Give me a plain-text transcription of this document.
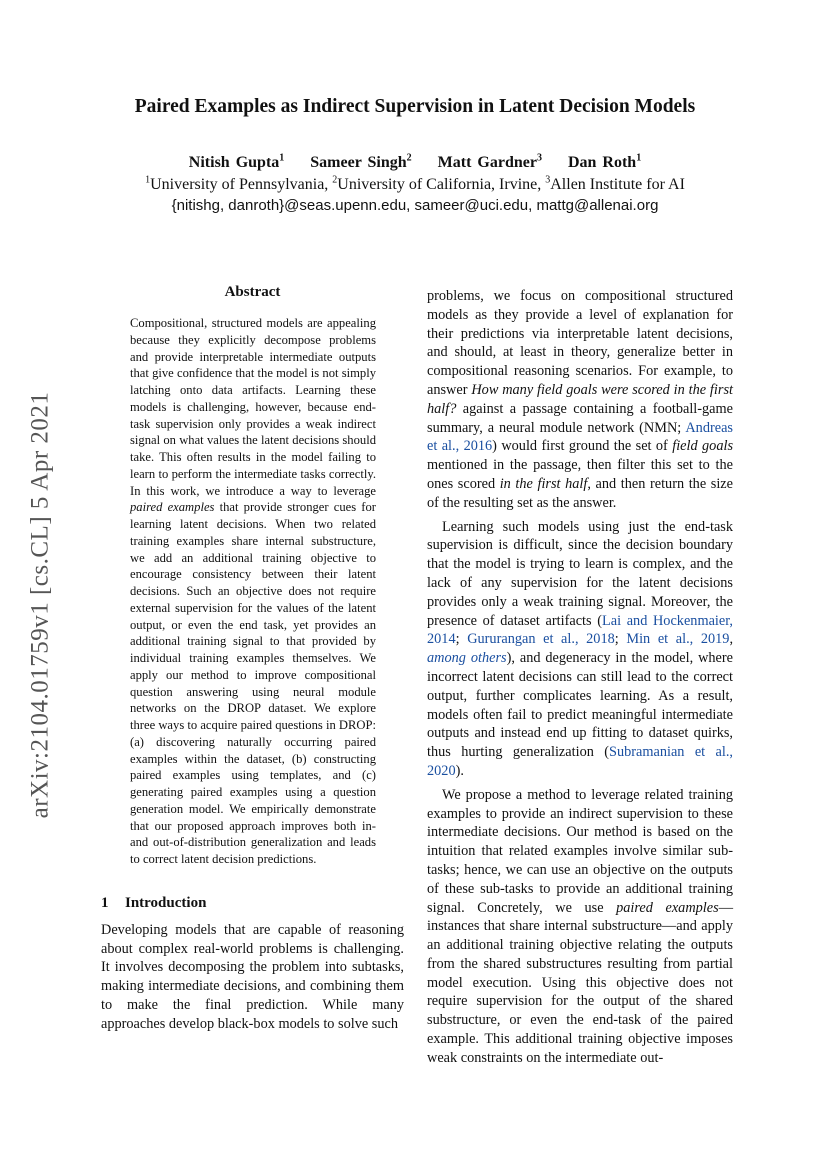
arXiv:2104.01759v1 [cs.CL] 5 Apr 2021
Paired Examples as Indirect Supervision in Latent Decision Models
Nitish Gupta$^1$ Sameer Singh$^2$ Matt Gardner$^3$ Dan Roth$^1$
$^1$University of Pennsylvania, $^2$University of California, Irvine, $^3$Allen Institute for AI
{nitishg, danroth}@seas.upenn.edu, sameer@uci.edu, mattg@allenai.org
Abstract

Compositional, structured models are appealing because they explicitly decompose problems and provide interpretable intermediate outputs that give confidence that the model is not simply latching onto data artifacts. Learning these models is challenging, however, because end-task supervision only provides a weak indirect signal on what values the latent decisions should take. This often results in the model failing to learn to perform the intermediate tasks correctly. In this work, we introduce a way to leverage paired examples that provide stronger cues for learning latent decisions. When two related training examples share internal substructure, we add an additional training objective to encourage consistency between their latent decisions. Such an objective does not require external supervision for the values of the latent output, or even the end task, yet provides an additional training signal to that provided by individual training examples themselves. We apply our method to improve compositional question answering using neural module networks on the DROP dataset. We explore three ways to acquire paired questions in DROP: (a) discovering naturally occurring paired examples within the dataset, (b) constructing paired examples using templates, and (c) generating paired examples using a question generation model. We empirically demonstrate that our proposed approach improves both in- and out-of-distribution generalization and leads to correct latent decision predictions.

1 Introduction

Developing models that are capable of reasoning about complex real-world problems is challenging. It involves decomposing the problem into subtasks, making intermediate decisions, and combining them to make the final prediction. While many approaches develop black-box models to solve such

problems, we focus on compositional structured models as they provide a level of explanation for their predictions via interpretable latent decisions, and should, at least in theory, generalize better in compositional reasoning scenarios. For example, to answer How many field goals were scored in the first half? against a passage containing a football-game summary, a neural module network (NMN; Andreas et al., 2016) would first ground the set of field goals mentioned in the passage, then filter this set to the ones scored in the first half, and then return the size of the resulting set as the answer.

Learning such models using just the end-task supervision is difficult, since the decision boundary that the model is trying to learn is complex, and the lack of any supervision for the latent decisions provides only a weak training signal. Moreover, the presence of dataset artifacts (Lai and Hockenmaier, 2014; Gururangan et al., 2018; Min et al., 2019, among others), and degeneracy in the model, where incorrect latent decisions can still lead to the correct output, further complicates learning. As a result, models often fail to predict meaningful intermediate outputs and instead end up fitting to dataset quirks, thus hurting generalization (Subramanian et al., 2020).

We propose a method to leverage related training examples to provide an indirect supervision to these intermediate decisions. Our method is based on the intuition that related examples involve similar sub-tasks; hence, we can use an objective on the outputs of these sub-tasks to provide an additional training signal. Concretely, we use paired examples—instances that share internal substructure—and apply an additional training objective relating the outputs from the shared substructures resulting from partial model execution. Using this objective does not require supervision for the output of the shared substructure, or even the end-task of the paired example. This additional training objective imposes weak constraints on the intermediate out-
